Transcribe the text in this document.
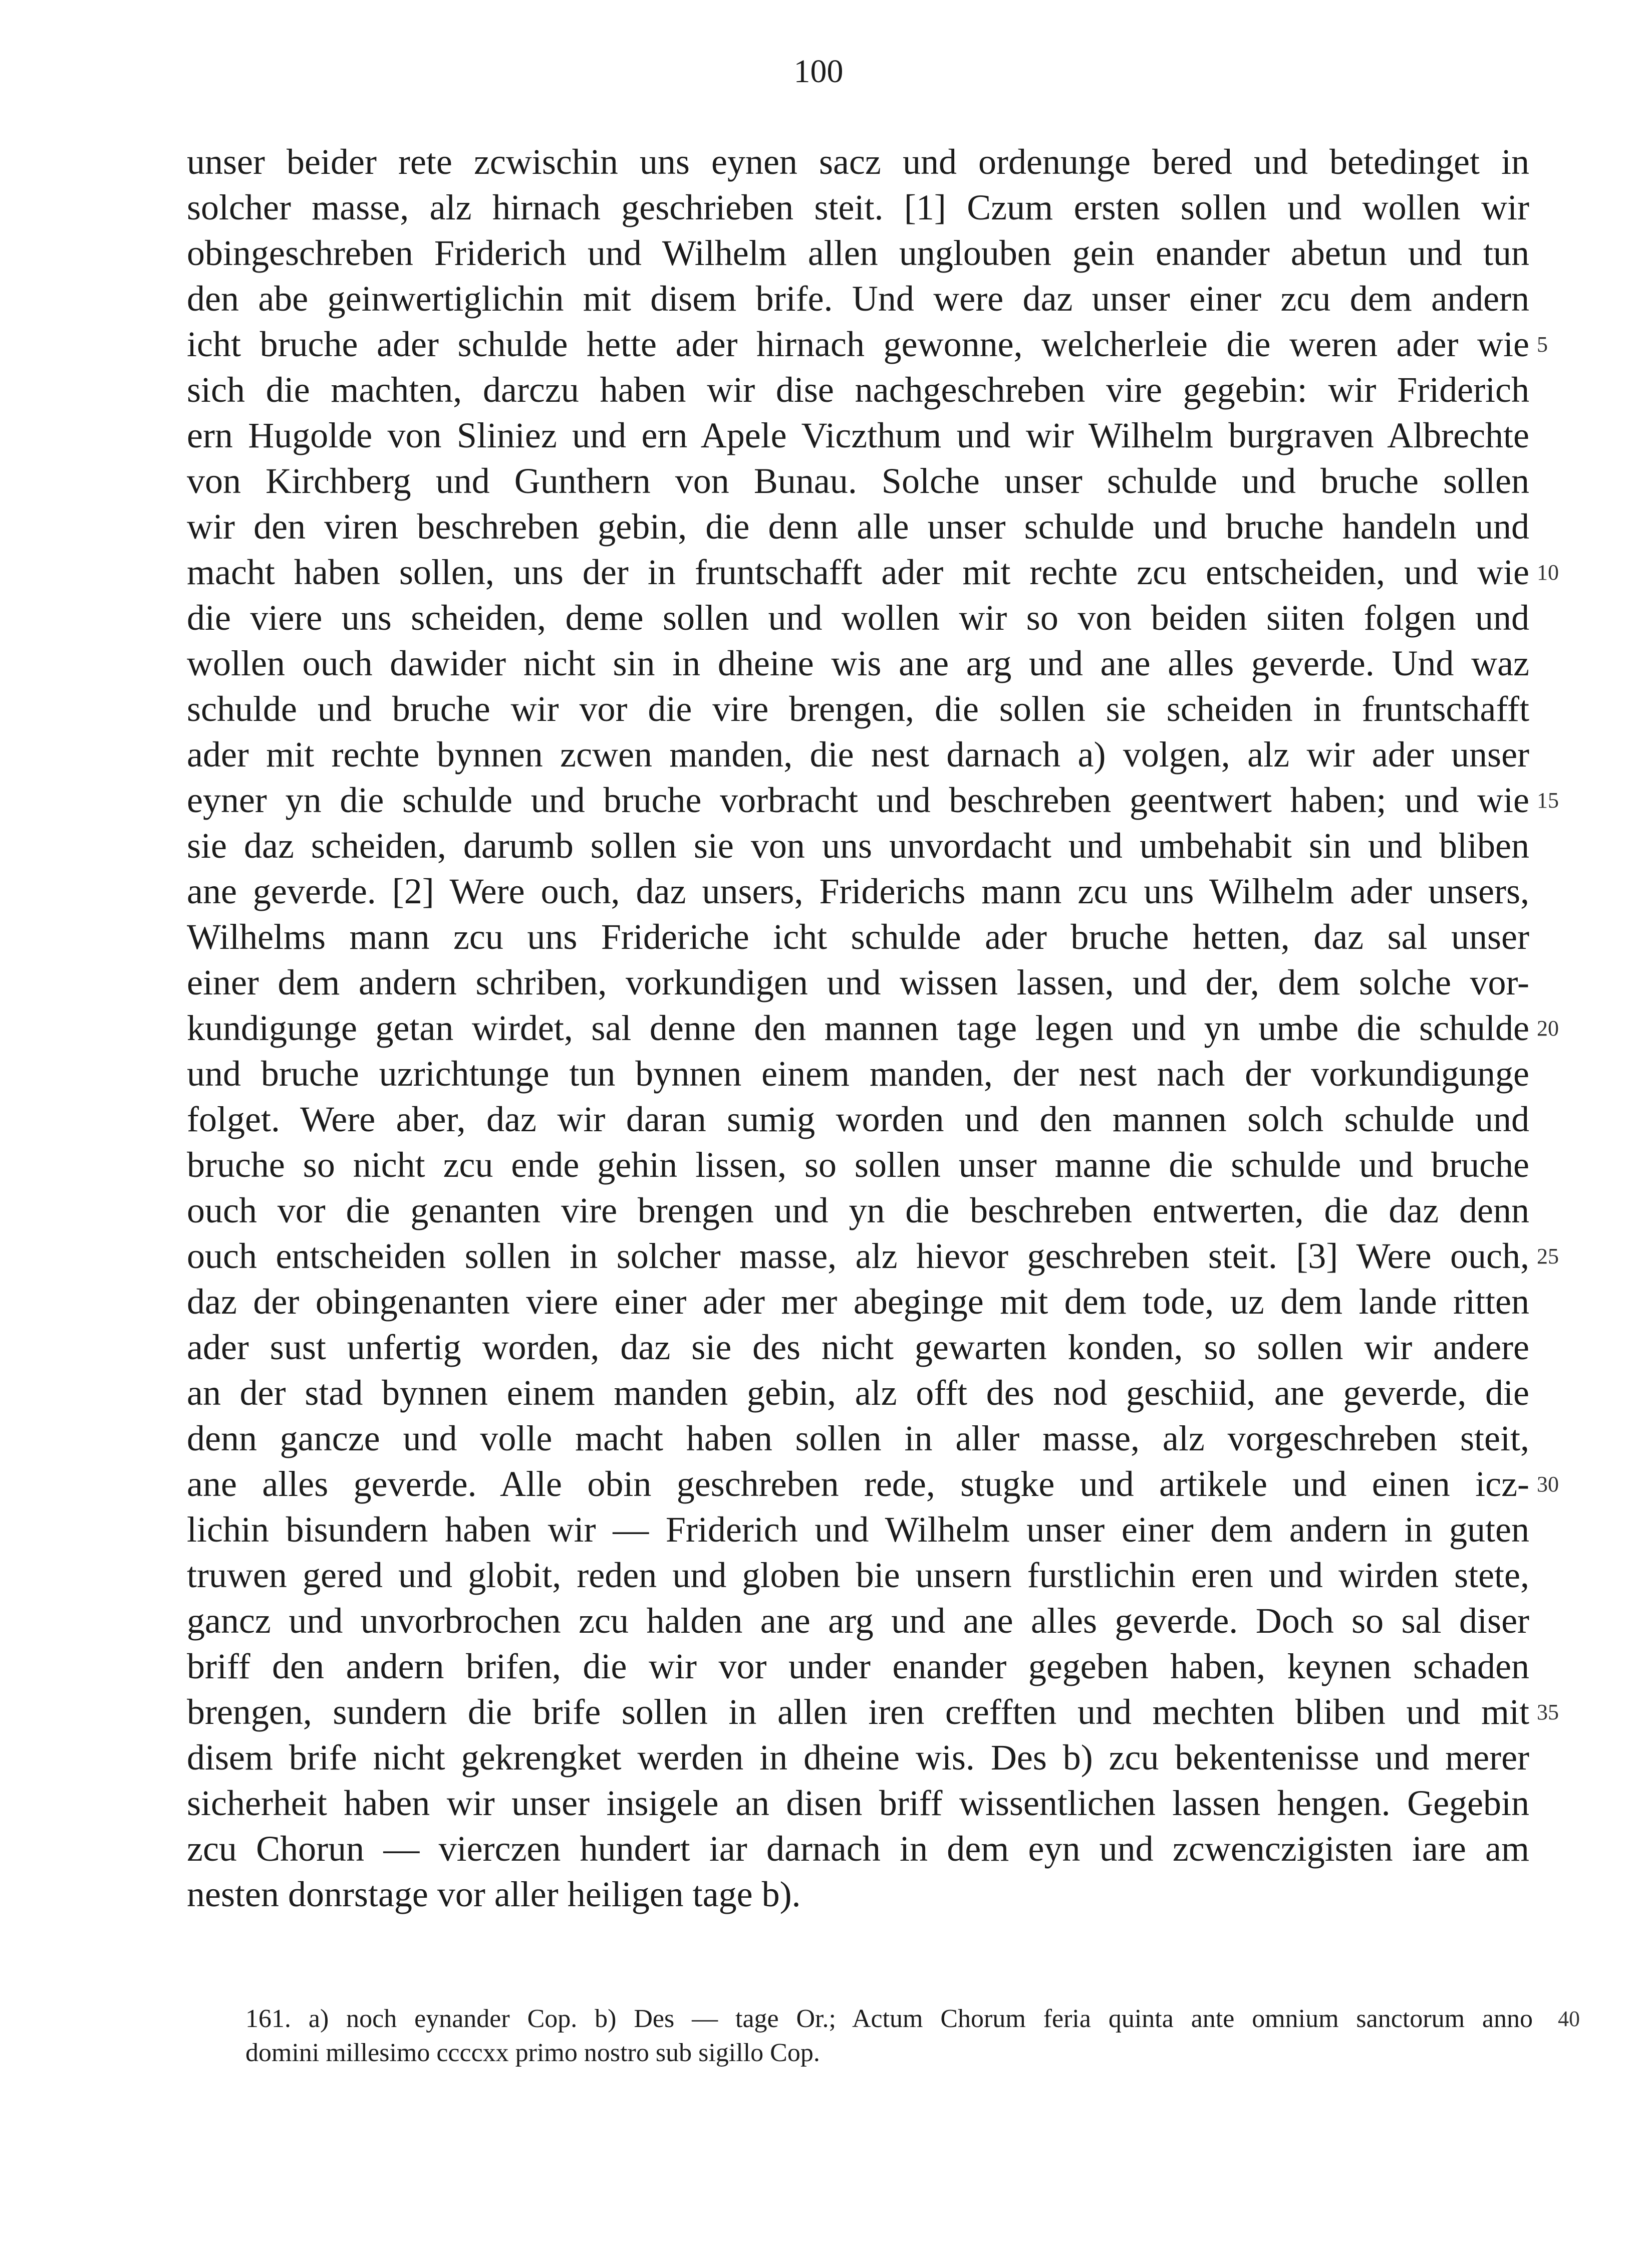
100
unser beider rete zcwischin uns eynen sacz und ordenunge bered und betedinget in
solcher masse, alz hirnach geschrieben steit. [1] Czum ersten sollen und wollen wir
obingeschreben Friderich und Wilhelm allen unglouben gein enander abetun und tun
den abe geinwertiglichin mit disem brife. Und were daz unser einer zcu dem andern
icht bruche ader schulde hette ader hirnach gewonne, welcherleie die weren ader wie 5
sich die machten, darczu haben wir dise nachgeschreben vire gegebin: wir Friderich
ern Hugolde von Sliniez und ern Apele Viczthum und wir Wilhelm burgraven Albrechte
von Kirchberg und Gunthern von Bunau. Solche unser schulde und bruche sollen
wir den viren beschreben gebin, die denn alle unser schulde und bruche handeln und
macht haben sollen, uns der in fruntschafft ader mit rechte zcu entscheiden, und wie 10
die viere uns scheiden, deme sollen und wollen wir so von beiden siiten folgen und
wollen ouch dawider nicht sin in dheine wis ane arg und ane alles geverde. Und waz
schulde und bruche wir vor die vire brengen, die sollen sie scheiden in fruntschafft
ader mit rechte bynnen zcwen manden, die nest darnach a) volgen, alz wir ader unser
eyner yn die schulde und bruche vorbracht und beschreben geentwert haben; und wie 15
sie daz scheiden, darumb sollen sie von uns unvordacht und umbehabit sin und bliben
ane geverde. [2] Were ouch, daz unsers, Friderichs mann zcu uns Wilhelm ader unsers,
Wilhelms mann zcu uns Frideriche icht schulde ader bruche hetten, daz sal unser
einer dem andern schriben, vorkundigen und wissen lassen, und der, dem solche vor-
kundigunge getan wirdet, sal denne den mannen tage legen und yn umbe die schulde 20
und bruche uzrichtunge tun bynnen einem manden, der nest nach der vorkundigunge
folget. Were aber, daz wir daran sumig worden und den mannen solch schulde und
bruche so nicht zcu ende gehin lissen, so sollen unser manne die schulde und bruche
ouch vor die genanten vire brengen und yn die beschreben entwerten, die daz denn
ouch entscheiden sollen in solcher masse, alz hievor geschreben steit. [3] Were ouch, 25
daz der obingenanten viere einer ader mer abeginge mit dem tode, uz dem lande ritten
ader sust unfertig worden, daz sie des nicht gewarten konden, so sollen wir andere
an der stad bynnen einem manden gebin, alz offt des nod geschiid, ane geverde, die
denn gancze und volle macht haben sollen in aller masse, alz vorgeschreben steit,
ane alles geverde. Alle obin geschreben rede, stugke und artikele und einen icz- 30
lichin bisundern haben wir — Friderich und Wilhelm unser einer dem andern in guten
truwen gered und globit, reden und globen bie unsern furstlichin eren und wirden stete,
gancz und unvorbrochen zcu halden ane arg und ane alles geverde. Doch so sal diser
briff den andern brifen, die wir vor under enander gegeben haben, keynen schaden
brengen, sundern die brife sollen in allen iren crefften und mechten bliben und mit 35
disem brife nicht gekrengket werden in dheine wis. Des b) zcu bekentenisse und merer
sicherheit haben wir unser insigele an disen briff wissentlichen lassen hengen. Gegebin
zcu Chorun — vierczen hundert iar darnach in dem eyn und zcwenczigisten iare am
nesten donrstage vor aller heiligen tage b).
161. a) noch eynander Cop. b) Des — tage Or.; Actum Chorum feria quinta ante omnium sanctorum anno 40
domini millesimo ccccxx primo nostro sub sigillo Cop.
